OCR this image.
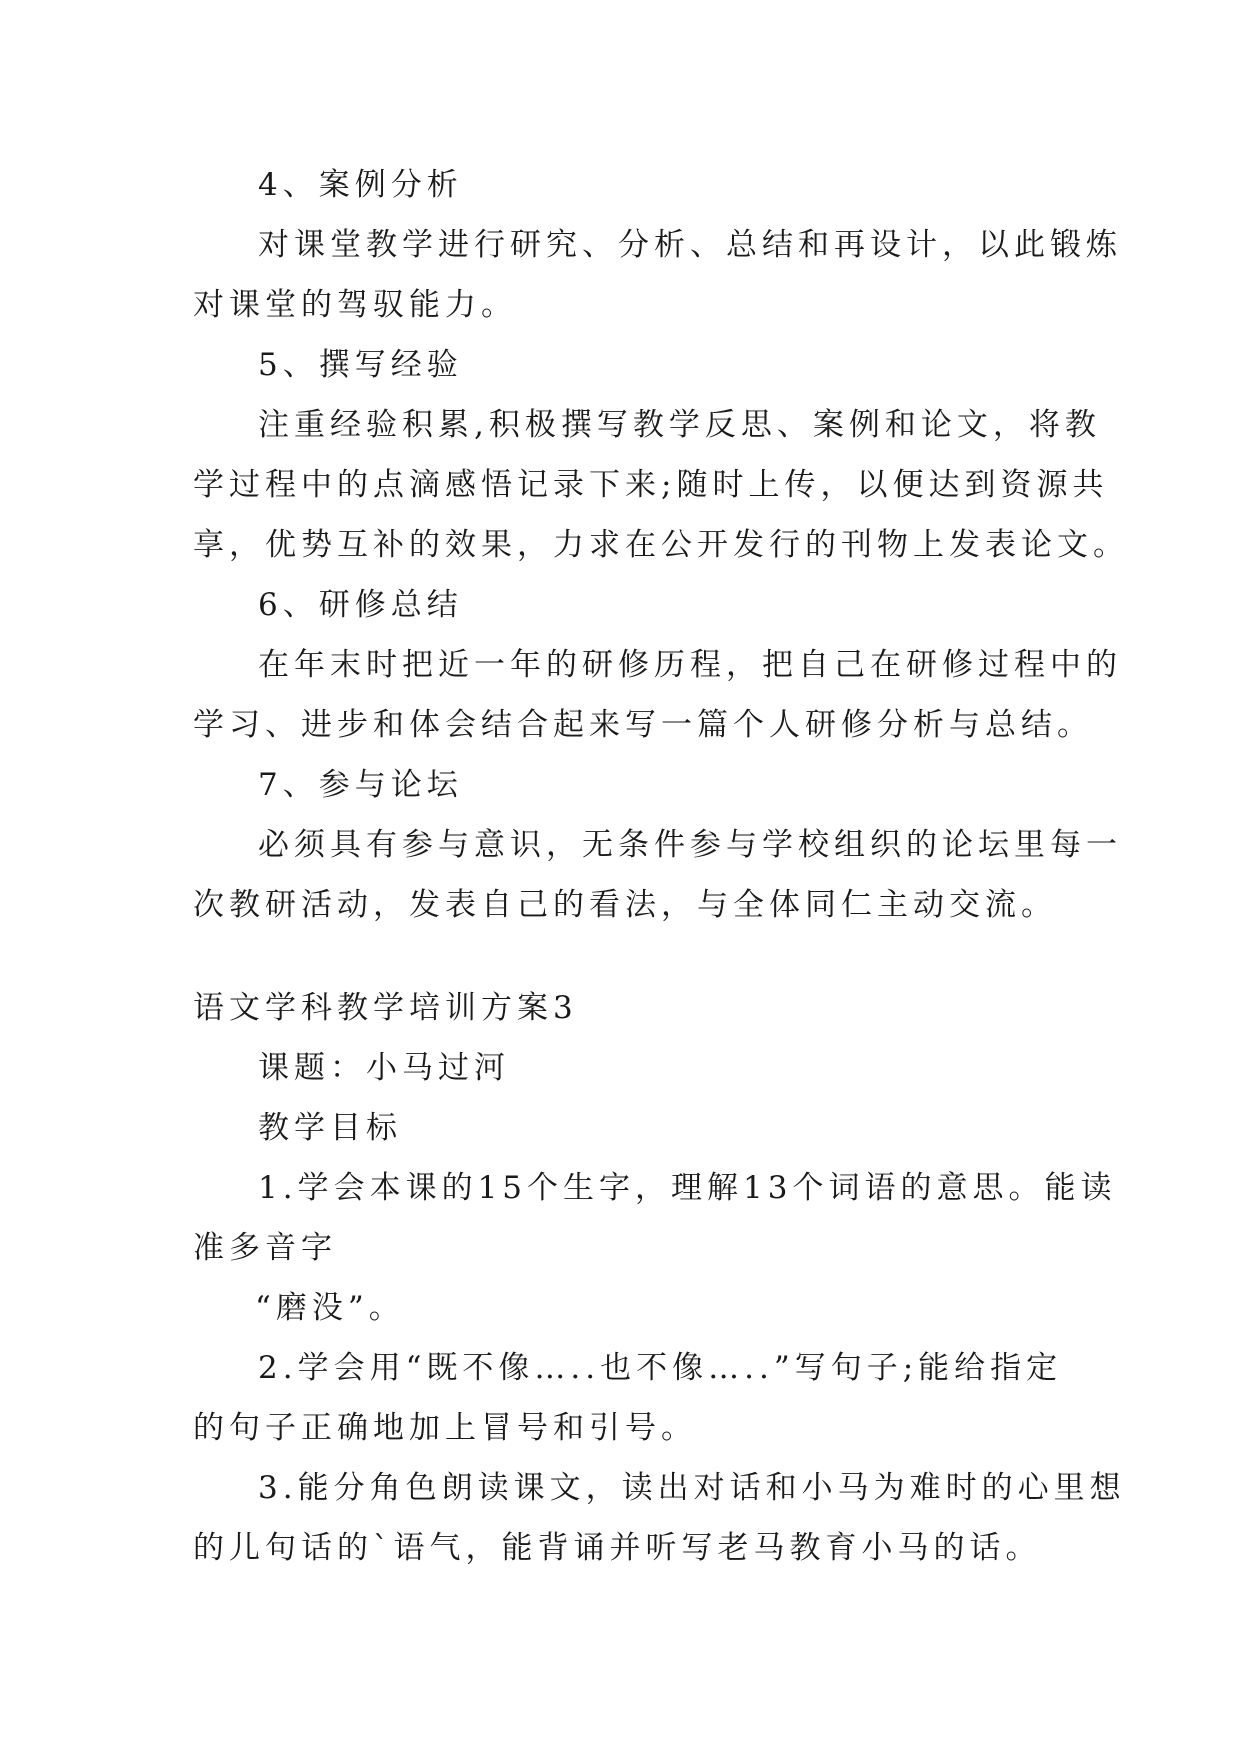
4、案例分析
对课堂教学进行研究、分析、总结和再设计，以此锻炼
对课堂的驾驭能力。
5、撰写经验
注重经验积累,积极撰写教学反思、案例和论文，将教
学过程中的点滴感悟记录下来;随时上传，以便达到资源共
享，优势互补的效果，力求在公开发行的刊物上发表论文。
6、研修总结
在年末时把近一年的研修历程，把自己在研修过程中的
学习、进步和体会结合起来写一篇个人研修分析与总结。
7、参与论坛
必须具有参与意识，无条件参与学校组织的论坛里每一
次教研活动，发表自己的看法，与全体同仁主动交流。
语文学科教学培训方案3
课题：小马过河
教学目标
1.学会本课的15个生字，理解13个词语的意思。能读
准多音字
“磨没”。
2.学会用“既不像…..也不像…..”写句子;能给指定
的句子正确地加上冒号和引号。
3.能分角色朗读课文，读出对话和小马为难时的心里想
的儿句话的`语气，能背诵并听写老马教育小马的话。
